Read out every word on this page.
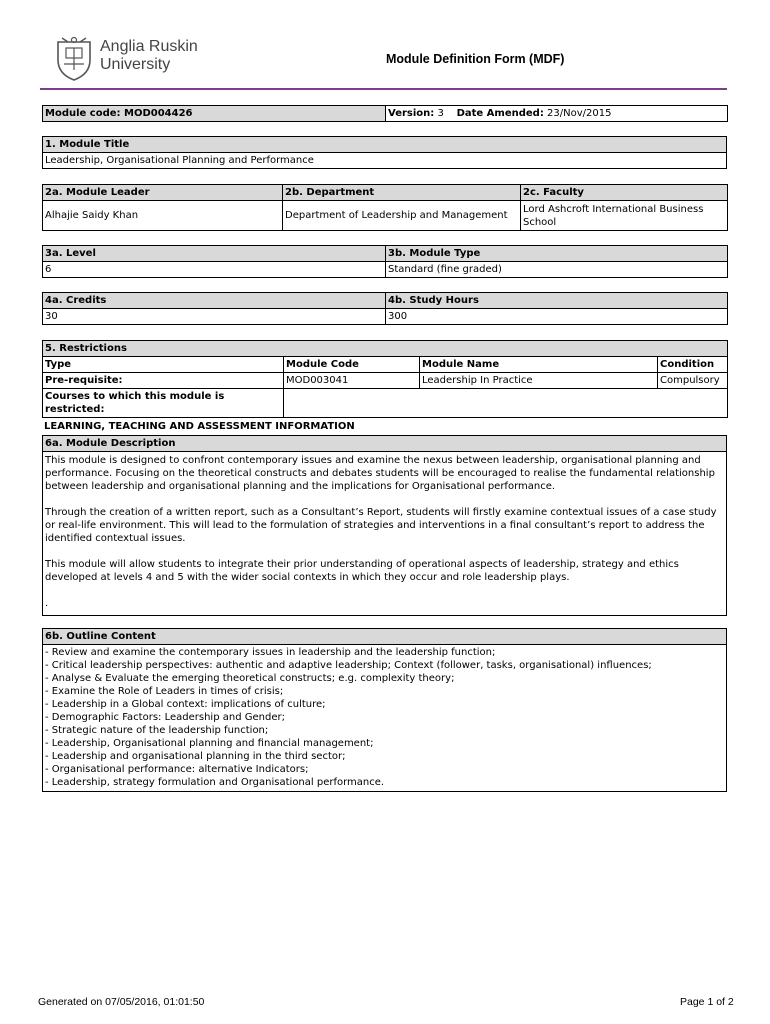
Anglia Ruskin
University	Module Definition Form (MDF)
Module code: MOD004426	Version: 3 Date Amended: 23/Nov/2015
1. Module Title
Leadership, Organisational Planning and Performance
2a. Module Leader	2b. Department	2c. Faculty
Alhajie Saidy Khan	Department of Leadership and Management	Lord Ashcroft International Business School
3a. Level	3b. Module Type
6	Standard (fine graded)
4a. Credits	4b. Study Hours
30	300
5. Restrictions			
Type	Module Code	Module Name	Condition
Pre-requisite:	MOD003041	Leadership In Practice	Compulsory
Courses to which this module is restricted:			
LEARNING, TEACHING AND ASSESSMENT INFORMATION
6a. Module Description

This module is designed to confront contemporary issues and examine the nexus between leadership, organisational planning and performance. Focusing on the theoretical constructs and debates students will be encouraged to realise the fundamental relationship between leadership and organisational planning and the implications for Organisational performance.

Through the creation of a written report, such as a Consultant’s Report, students will firstly examine contextual issues of a case study or real-life environment. This will lead to the formulation of strategies and interventions in a final consultant’s report to address the identified contextual issues.

This module will allow students to integrate their prior understanding of operational aspects of leadership, strategy and ethics developed at levels 4 and 5 with the wider social contexts in which they occur and role leadership plays.

.
6b. Outline Content

- Review and examine the contemporary issues in leadership and the leadership function;
- Critical leadership perspectives: authentic and adaptive leadership; Context (follower, tasks, organisational) influences;
- Analyse & Evaluate the emerging theoretical constructs; e.g. complexity theory;
- Examine the Role of Leaders in times of crisis;
- Leadership in a Global context: implications of culture;
- Demographic Factors: Leadership and Gender;
- Strategic nature of the leadership function;
- Leadership, Organisational planning and financial management;
- Leadership and organisational planning in the third sector;
- Organisational performance: alternative Indicators;
- Leadership, strategy formulation and Organisational performance.
Generated on 07/05/2016, 01:01:50	Page 1 of 2
